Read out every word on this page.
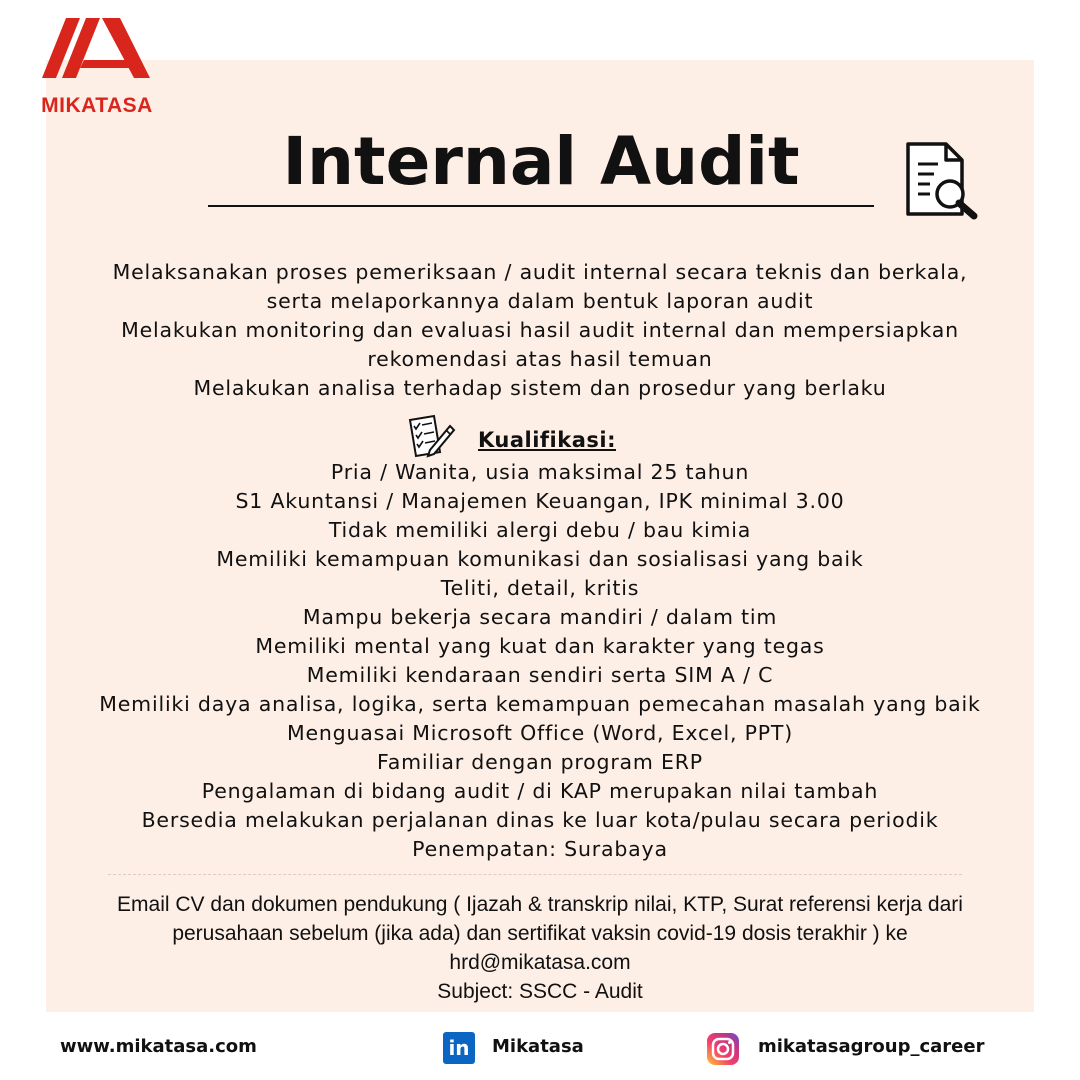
MIKATASA
Internal Audit

Melaksanakan proses pemeriksaan / audit internal secara teknis dan berkala,

serta melaporkannya dalam bentuk laporan audit

Melakukan monitoring dan evaluasi hasil audit internal dan mempersiapkan

rekomendasi atas hasil temuan

Melakukan analisa terhadap sistem dan prosedur yang berlaku

Kualifikasi:
Pria / Wanita, usia maksimal 25 tahun
S1 Akuntansi / Manajemen Keuangan, IPK minimal 3.00
Tidak memiliki alergi debu / bau kimia
Memiliki kemampuan komunikasi dan sosialisasi yang baik
Teliti, detail, kritis
Mampu bekerja secara mandiri / dalam tim
Memiliki mental yang kuat dan karakter yang tegas
Memiliki kendaraan sendiri serta SIM A / C
Memiliki daya analisa, logika, serta kemampuan pemecahan masalah yang baik
Menguasai Microsoft Office (Word, Excel, PPT)
Familiar dengan program ERP
Pengalaman di bidang audit / di KAP merupakan nilai tambah
Bersedia melakukan perjalanan dinas ke luar kota/pulau secara periodik
Penempatan: Surabaya

Email CV dan dokumen pendukung ( Ijazah & transkrip nilai, KTP, Surat referensi kerja dari

perusahaan sebelum (jika ada) dan sertifikat vaksin covid-19 dosis terakhir ) ke

hrd@mikatasa.com

Subject: SSCC - Audit

www.mikatasa.com	in	Mikatasa	mikatasagroup_career
